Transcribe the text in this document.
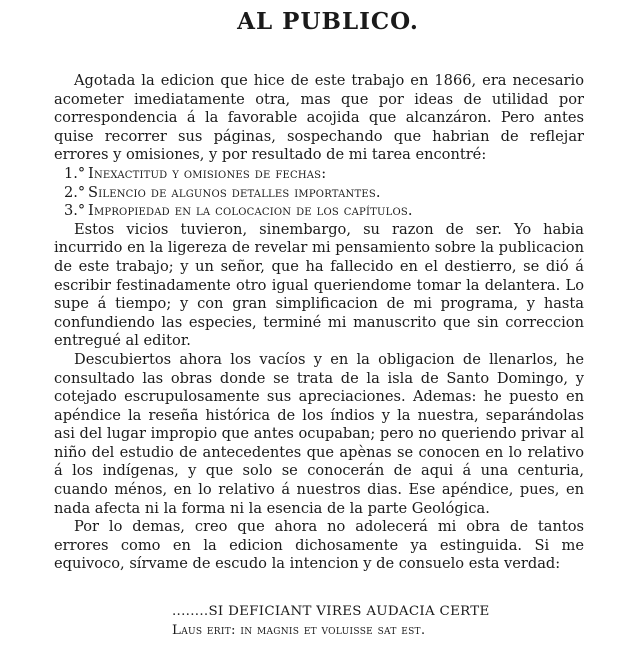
AL PUBLICO.

Agotada la edicion que hice de este trabajo en 1866, era necesario acometer imediatamente otra, mas que por ideas de utilidad por correspondencia á la favorable acojida que alcanzáron. Pero antes quise recorrer sus páginas, sospechando que habrian de reflejar errores y omisiones, y por resultado de mi tarea encontré:

1.° Inexactitud y omisiones de fechas:
2.° Silencio de algunos detalles importantes.
3.° Impropiedad en la colocacion de los capítulos.

Estos vicios tuvieron, sinembargo, su razon de ser. Yo habia incurrido en la ligereza de revelar mi pensamiento sobre la publicacion de este trabajo; y un señor, que ha fallecido en el destierro, se dió á escribir festinadamente otro igual queriendome tomar la delantera. Lo supe á tiempo; y con gran simplificacion de mi programa, y hasta confundiendo las especies, terminé mi manuscrito que sin correccion entregué al editor.

Descubiertos ahora los vacíos y en la obligacion de llenarlos, he consultado las obras donde se trata de la isla de Santo Domingo, y cotejado escrupulosamente sus apreciaciones. Ademas: he puesto en apéndice la reseña histórica de los índios y la nuestra, separándolas asi del lugar impropio que antes ocupaban; pero no queriendo privar al niño del estudio de antecedentes que apènas se conocen en lo relativo á los indígenas, y que solo se conocerán de aqui á una centuria, cuando ménos, en lo relativo á nuestros dias. Ese apéndice, pues, en nada afecta ni la forma ni la esencia de la parte Geológica.

Por lo demas, creo que ahora no adolecerá mi obra de tantos errores como en la edicion dichosamente ya estinguida. Si me equivoco, sírvame de escudo la intencion y de consuelo esta verdad:

........SI DEFICIANT VIRES AUDACIA CERTE
Laus erit: in magnis et voluisse sat est.
